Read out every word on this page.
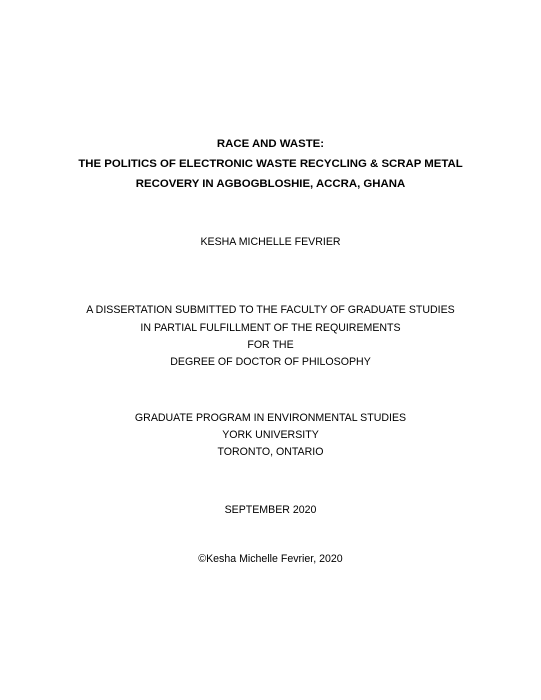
RACE AND WASTE:
THE POLITICS OF ELECTRONIC WASTE RECYCLING & SCRAP METAL
RECOVERY IN AGBOGBLOSHIE, ACCRA, GHANA
KESHA MICHELLE FEVRIER
A DISSERTATION SUBMITTED TO THE FACULTY OF GRADUATE STUDIES
IN PARTIAL FULFILLMENT OF THE REQUIREMENTS
FOR THE
DEGREE OF DOCTOR OF PHILOSOPHY
GRADUATE PROGRAM IN ENVIRONMENTAL STUDIES
YORK UNIVERSITY
TORONTO, ONTARIO
SEPTEMBER 2020
©Kesha Michelle Fevrier, 2020
